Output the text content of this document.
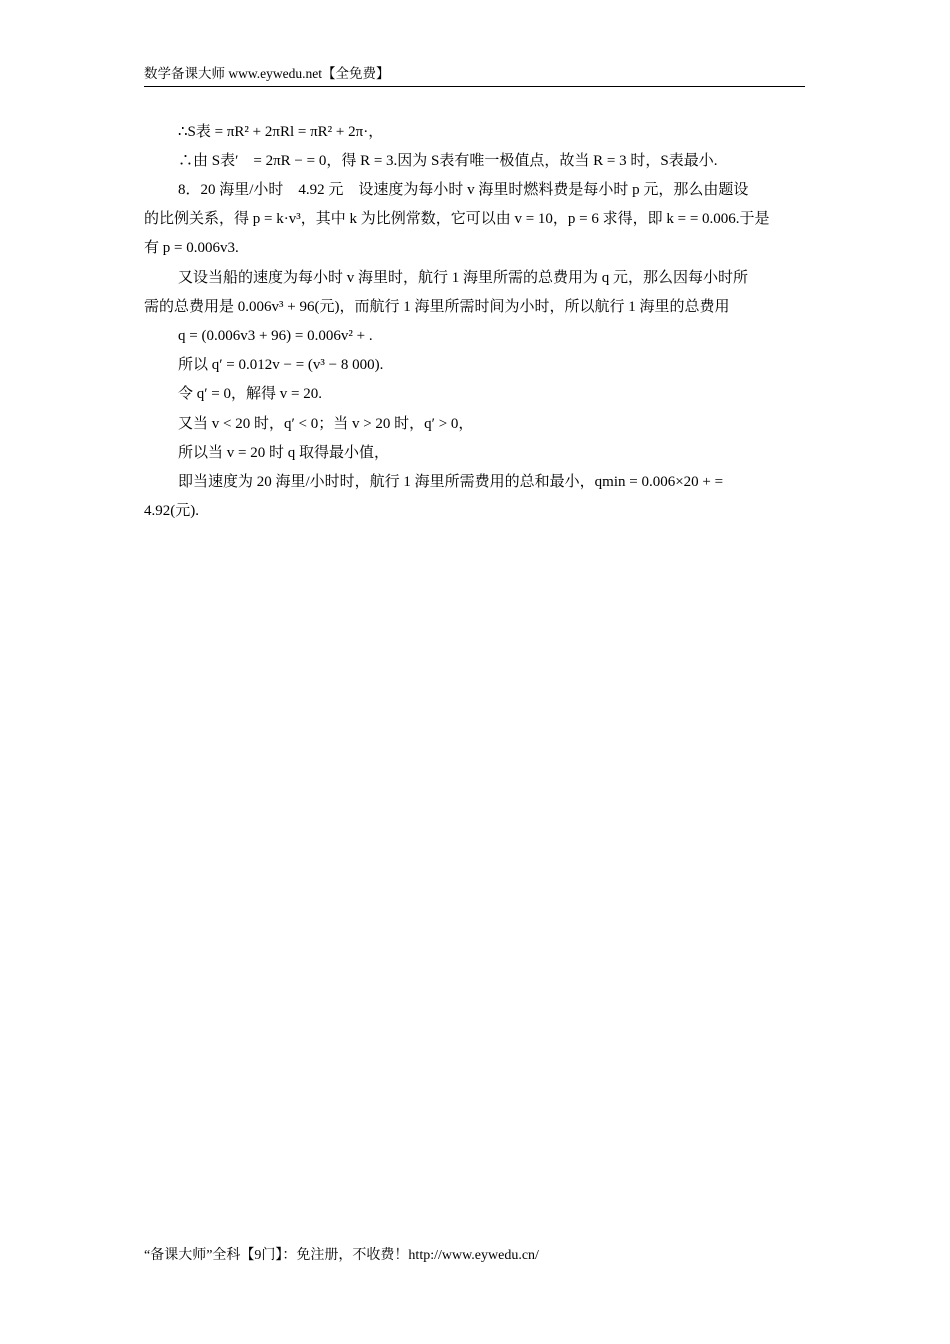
数学备课大师 www.eywedu.net【全免费】
∴S表 = πR² + 2πRl = πR² + 2π·，
∴由 S表′　= 2πR − = 0，得 R = 3.因为 S表有唯一极值点，故当 R = 3 时，S表最小.
8．20 海里/小时　4.92 元　设速度为每小时 v 海里时燃料费是每小时 p 元，那么由题设
的比例关系，得 p = k·v³，其中 k 为比例常数，它可以由 v = 10，p = 6 求得，即 k = = 0.006.于是
有 p = 0.006v3.
又设当船的速度为每小时 v 海里时，航行 1 海里所需的总费用为 q 元，那么因每小时所
需的总费用是 0.006v³ + 96(元)，而航行 1 海里所需时间为小时，所以航行 1 海里的总费用
q = (0.006v3 + 96) = 0.006v² + .
所以 q′ = 0.012v − = (v³ − 8 000).
令 q′ = 0，解得 v = 20.
又当 v < 20 时，q′ < 0；当 v > 20 时，q′ > 0，
所以当 v = 20 时 q 取得最小值，
即当速度为 20 海里/小时时，航行 1 海里所需费用的总和最小，qmin = 0.006×20 + =
4.92(元).
“备课大师”全科【9门】：免注册，不收费！http://www.eywedu.cn/
